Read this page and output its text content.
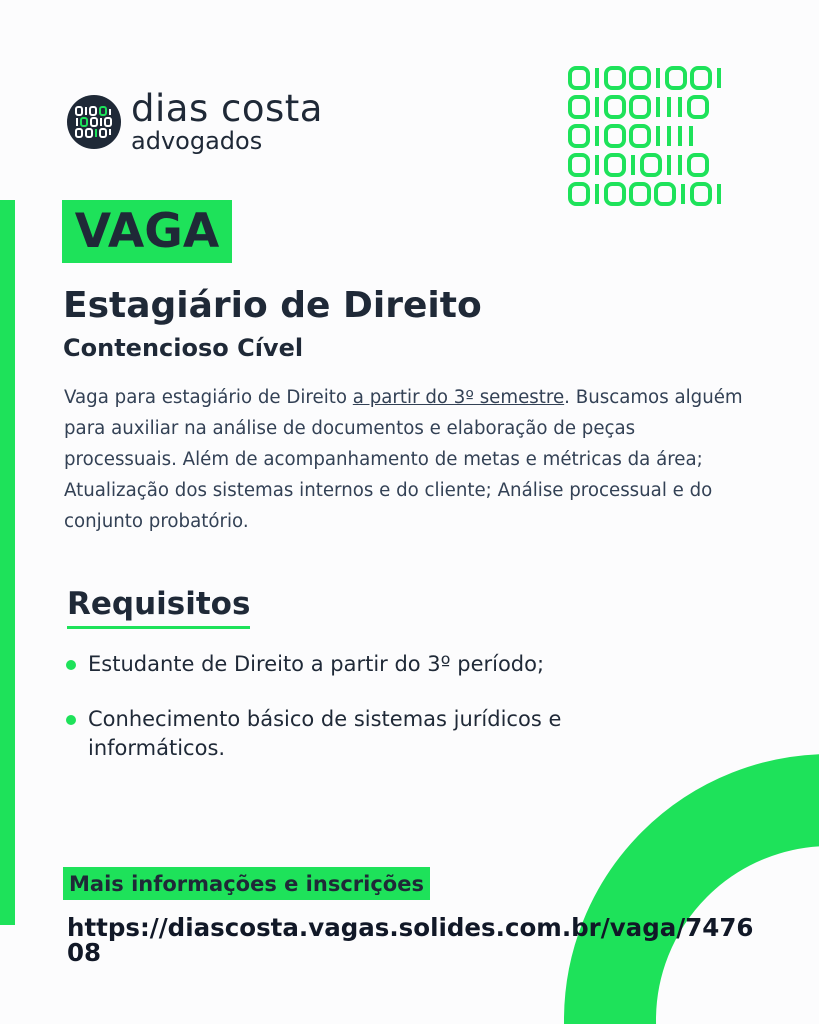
dias costa
advogados
VAGA
Estagiário de Direito
Contencioso Cível

Vaga para estagiário de Direito a partir do 3º semestre. Buscamos alguém para auxiliar na análise de documentos e elaboração de peças processuais. Além de acompanhamento de metas e métricas da área; Atualização dos sistemas internos e do cliente; Análise processual e do conjunto probatório.

Requisitos
Estudante de Direito a partir do 3º período;
Conhecimento básico de sistemas jurídicos e informáticos.
Mais informações e inscrições

https://diascosta.vagas.solides.com.br/vaga/747608
